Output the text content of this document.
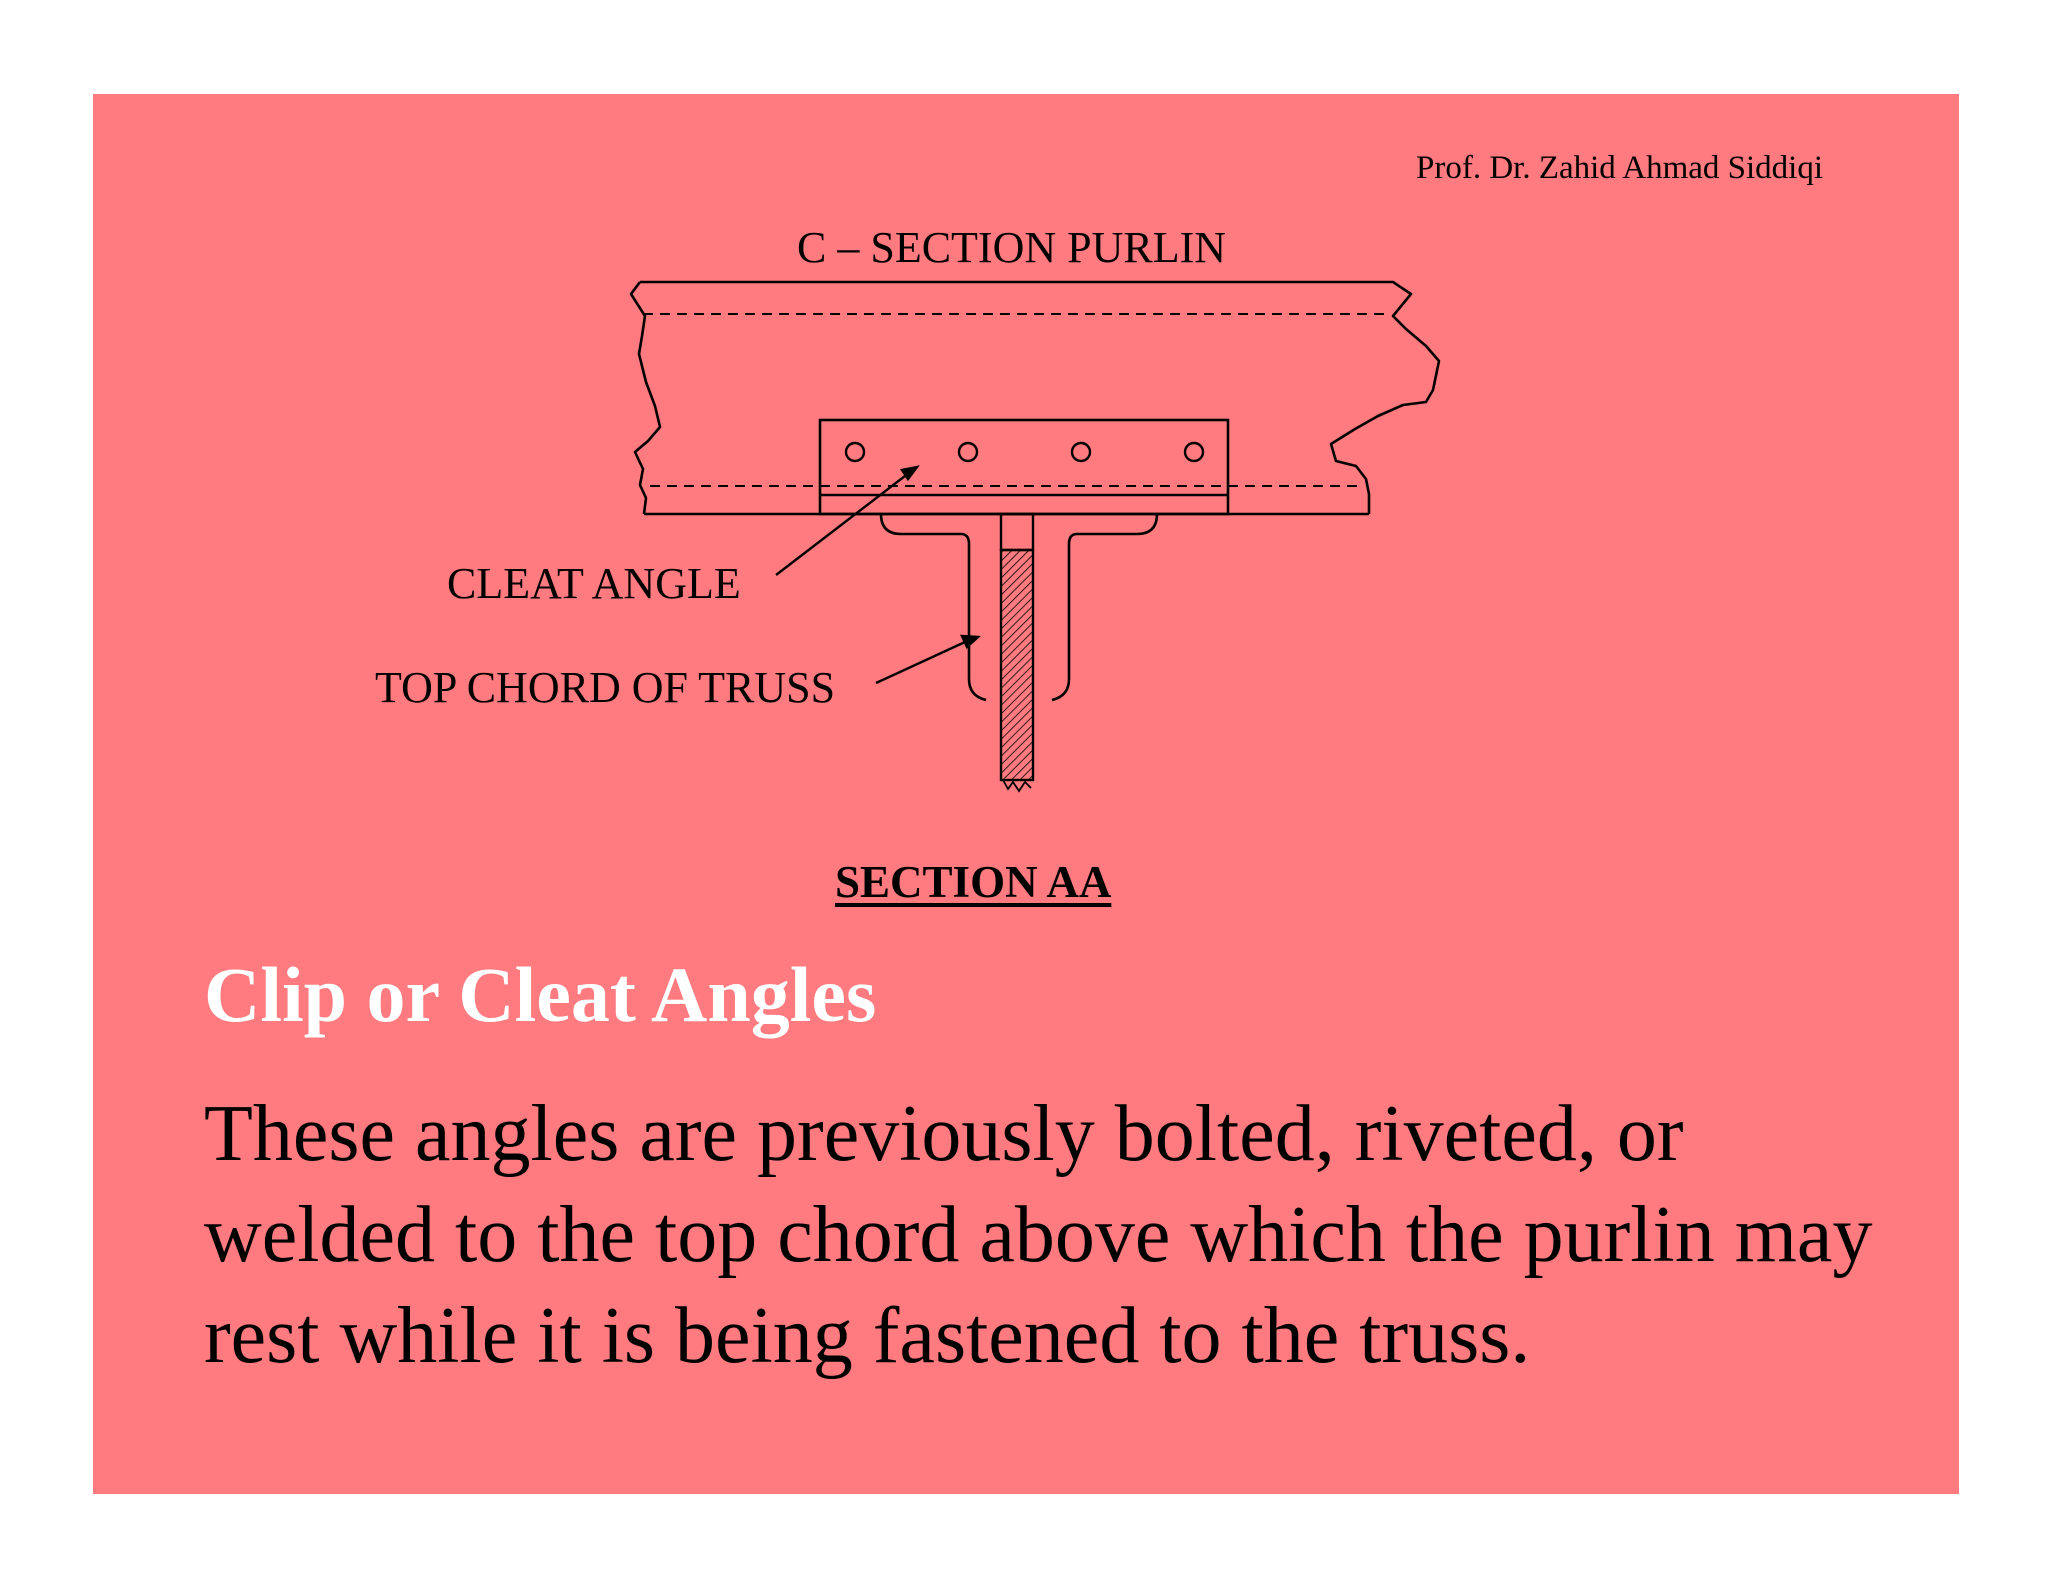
Prof. Dr. Zahid Ahmad Siddiqi
C – SECTION PURLIN
CLEAT ANGLE
TOP CHORD OF TRUSS
SECTION AA
Clip or Cleat Angles
These angles are previously bolted, riveted, or welded to the top chord above which the purlin may rest while it is being fastened to the truss.
